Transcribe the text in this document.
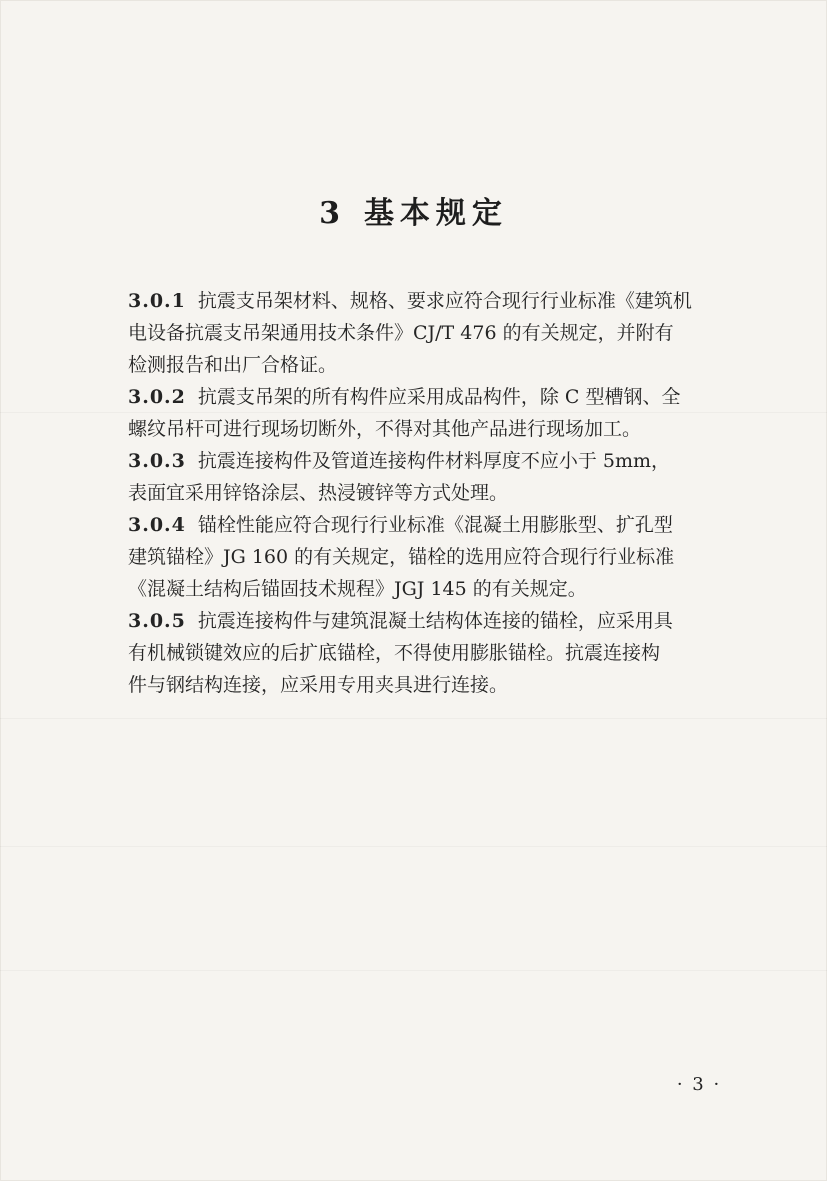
3 基本规定

3.0.1 抗震支吊架材料、规格、要求应符合现行行业标准《建筑机
电设备抗震支吊架通用技术条件》CJ/T 476 的有关规定，并附有
检测报告和出厂合格证。

3.0.2 抗震支吊架的所有构件应采用成品构件，除 C 型槽钢、全
螺纹吊杆可进行现场切断外，不得对其他产品进行现场加工。

3.0.3 抗震连接构件及管道连接构件材料厚度不应小于 5mm，
表面宜采用锌铬涂层、热浸镀锌等方式处理。

3.0.4 锚栓性能应符合现行行业标准《混凝土用膨胀型、扩孔型
建筑锚栓》JG 160 的有关规定，锚栓的选用应符合现行行业标准
《混凝土结构后锚固技术规程》JGJ 145 的有关规定。

3.0.5 抗震连接构件与建筑混凝土结构体连接的锚栓，应采用具
有机械锁键效应的后扩底锚栓，不得使用膨胀锚栓。抗震连接构
件与钢结构连接，应采用专用夹具进行连接。

· 3 ·
